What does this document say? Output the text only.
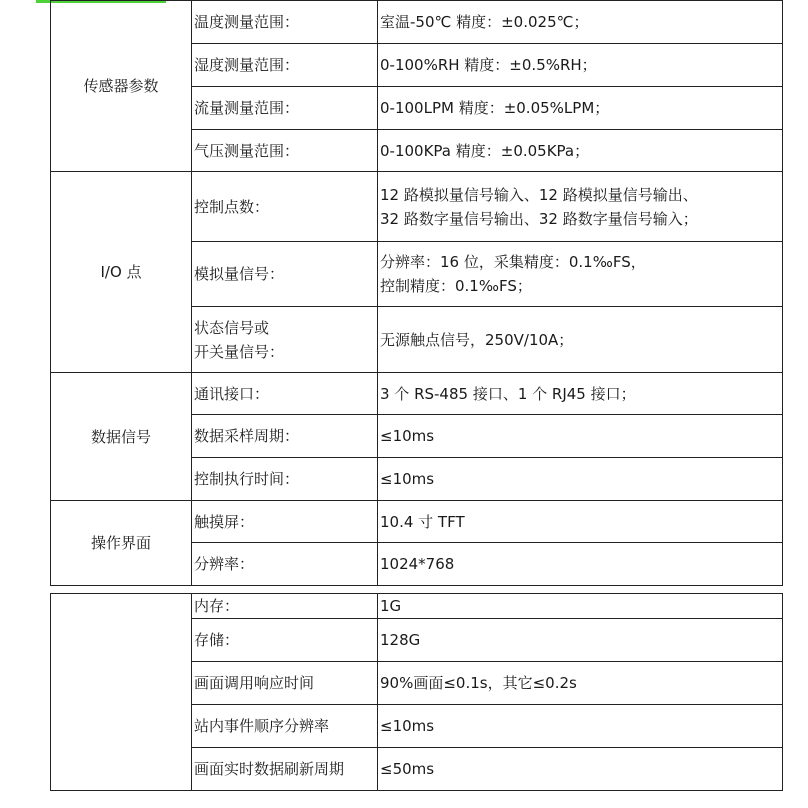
传感器参数	温度测量范围：	室温-50℃ 精度：±0.025℃；
	湿度测量范围：	0-100%RH 精度：±0.5%RH；
	流量测量范围：	0-100LPM 精度：±0.05%LPM；
	气压测量范围：	0-100KPa 精度：±0.05KPa；
I/O 点	控制点数：	12 路模拟量信号输入、12 路模拟量信号输出、
32 路数字量信号输出、32 路数字量信号输入；

	模拟量信号：	分辨率：16 位，采集精度：0.1‰FS，
控制精度：0.1‰FS；

	状态信号或
开关量信号：	无源触点信号，250V/10A；
数据信号	通讯接口：	3 个 RS-485 接口、1 个 RJ45 接口；
	数据采样周期：	≤10ms
	控制执行时间：	≤10ms
操作界面	触摸屏：	10.4 寸 TFT
	分辨率：	1024*768
	内存：	1G
	存储：	128G
	画面调用响应时间	90%画面≤0.1s，其它≤0.2s
	站内事件顺序分辨率	≤10ms
	画面实时数据刷新周期	≤50ms
